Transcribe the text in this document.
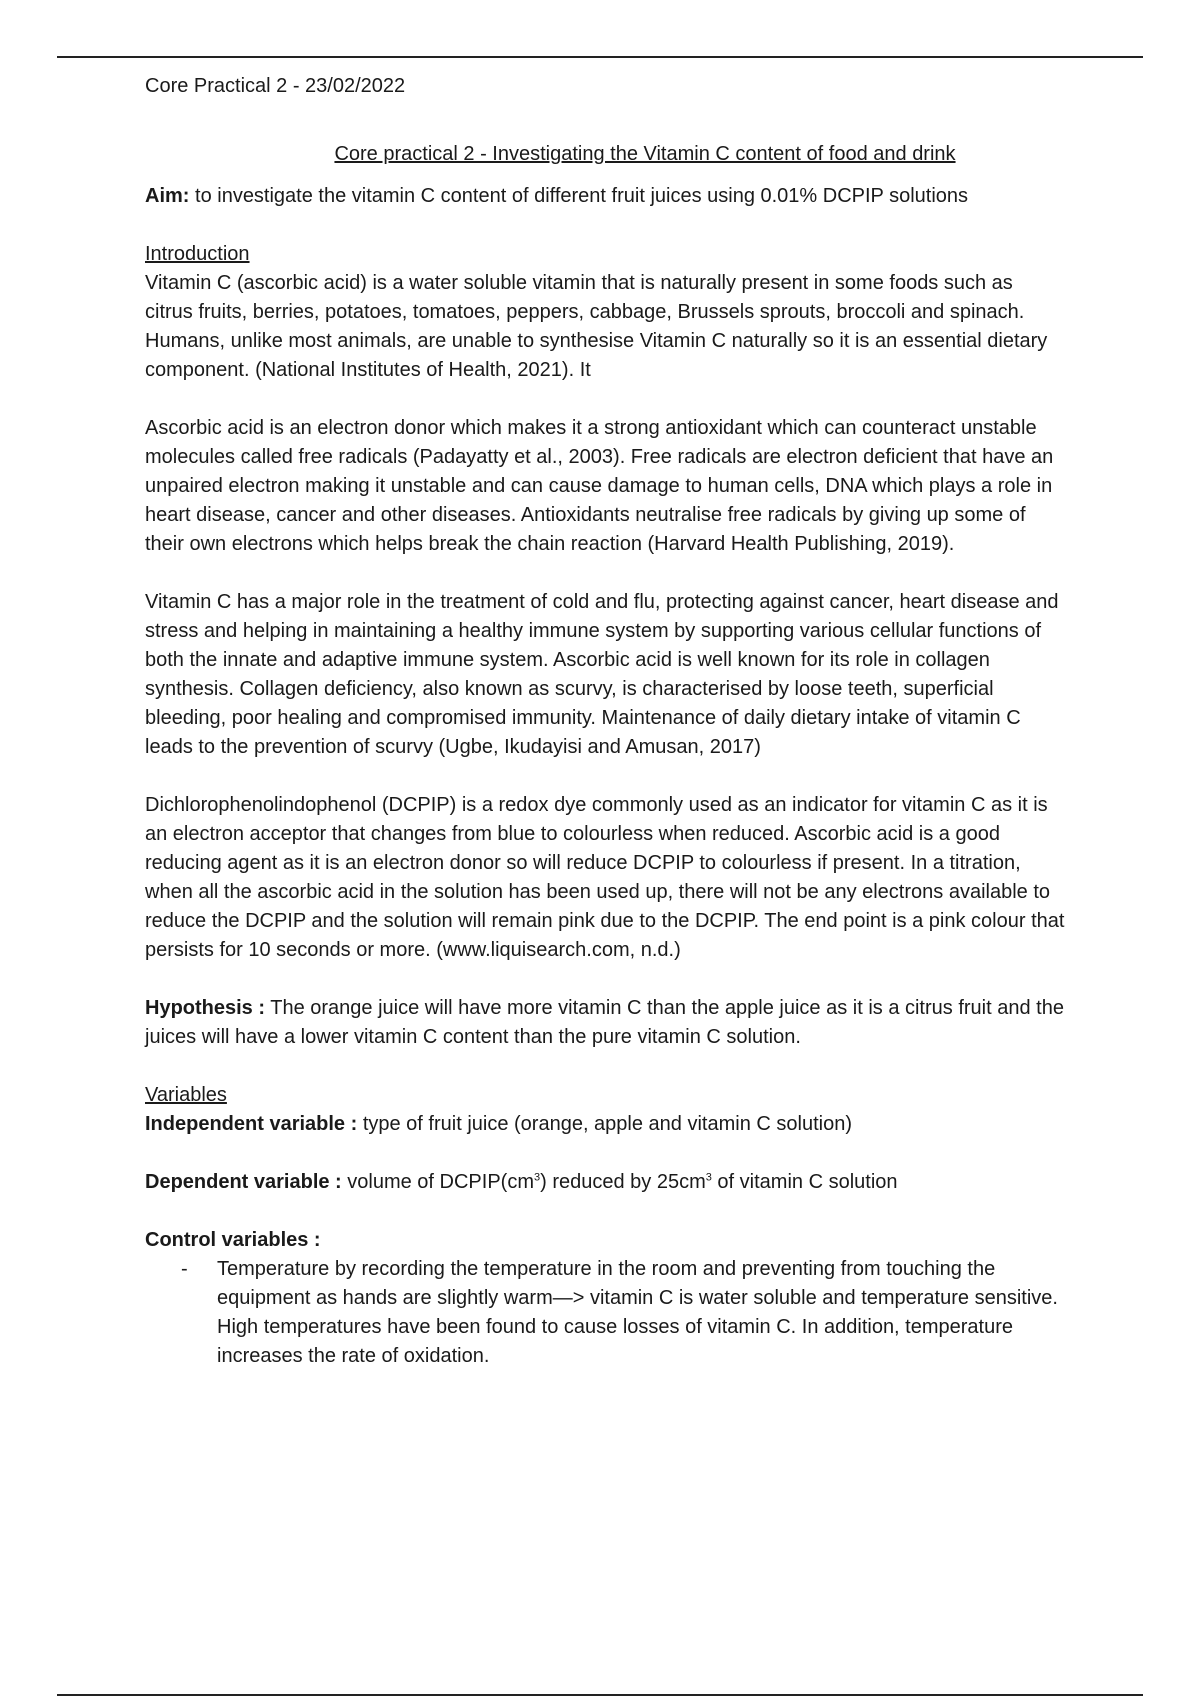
Core Practical 2 - 23/02/2022

Core practical 2 - Investigating the Vitamin C content of food and drink

Aim: to investigate the vitamin C content of different fruit juices using 0.01% DCPIP solutions

Introduction

Vitamin C (ascorbic acid) is a water soluble vitamin that is naturally present in some foods such as citrus fruits, berries, potatoes, tomatoes, peppers, cabbage, Brussels sprouts, broccoli and spinach. Humans, unlike most animals, are unable to synthesise Vitamin C naturally so it is an essential dietary component. (National Institutes of Health, 2021). It

Ascorbic acid is an electron donor which makes it a strong antioxidant which can counteract unstable molecules called free radicals (Padayatty et al., 2003). Free radicals are electron deficient that have an unpaired electron making it unstable and can cause damage to human cells, DNA which plays a role in heart disease, cancer and other diseases. Antioxidants neutralise free radicals by giving up some of their own electrons which helps break the chain reaction (Harvard Health Publishing, 2019).

Vitamin C has a major role in the treatment of cold and flu, protecting against cancer, heart disease and stress and helping in maintaining a healthy immune system by supporting various cellular functions of both the innate and adaptive immune system. Ascorbic acid is well known for its role in collagen synthesis. Collagen deficiency, also known as scurvy, is characterised by loose teeth, superficial bleeding, poor healing and compromised immunity. Maintenance of daily dietary intake of vitamin C leads to the prevention of scurvy (Ugbe, Ikudayisi and Amusan, 2017)

Dichlorophenolindophenol (DCPIP) is a redox dye commonly used as an indicator for vitamin C as it is an electron acceptor that changes from blue to colourless when reduced. Ascorbic acid is a good reducing agent as it is an electron donor so will reduce DCPIP to colourless if present. In a titration, when all the ascorbic acid in the solution has been used up, there will not be any electrons available to reduce the DCPIP and the solution will remain pink due to the DCPIP. The end point is a pink colour that persists for 10 seconds or more. (www.liquisearch.com, n.d.)

Hypothesis : The orange juice will have more vitamin C than the apple juice as it is a citrus fruit and the juices will have a lower vitamin C content than the pure vitamin C solution.

Variables

Independent variable : type of fruit juice (orange, apple and vitamin C solution)

Dependent variable : volume of $DCPIP(cm^3)$ reduced by $25cm^3$ of vitamin C solution

Control variables :

- Temperature by recording the temperature in the room and preventing from touching the equipment as hands are slightly warm—> vitamin C is water soluble and temperature sensitive. High temperatures have been found to cause losses of vitamin C. In addition, temperature increases the rate of oxidation.
